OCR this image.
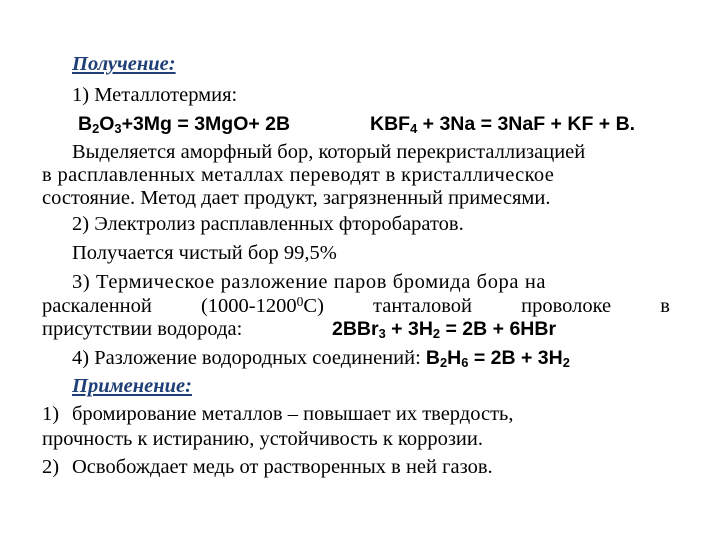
Получение:
1) Металлотермия:
$B_2O_3+3Mg = 3MgO+ 2B$	$KBF_4 + 3Na = 3NaF$ + KF + B.
Выделяется аморфный бор, который перекристаллизацией
в расплавленных металлах переводят в кристаллическое
состояние. Метод дает продукт, загрязненный примесями.
2) Электролиз расплавленных фторобаратов.
Получается чистый бор 99,5%
3) Термическое разложение паров бромида бора на
раскаленной (1000-1200$^0$C) танталовой проволоке в
присутствии водорода:	$2BBr_3 + 3H_2 = 2B + 6HBr$
4) Разложение водородных соединений: $B_2H_6 = 2B + 3H_2$
Применение:
1) бромирование металлов – повышает их твердость,
прочность к истиранию, устойчивость к коррозии.
2) Освобождает медь от растворенных в ней газов.
